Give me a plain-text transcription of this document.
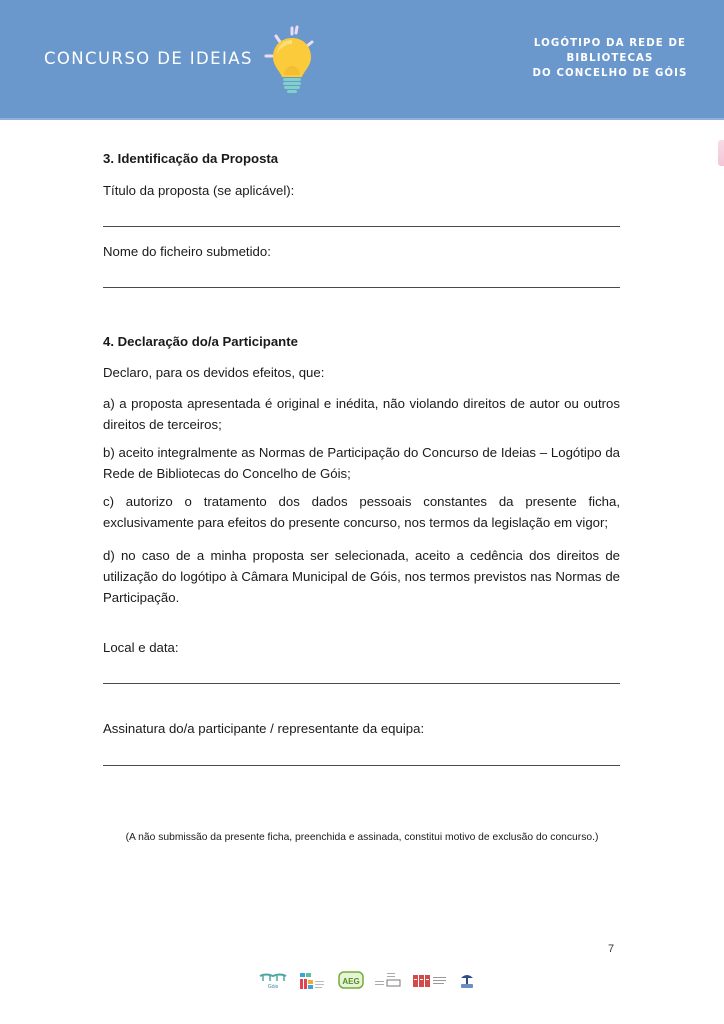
CONCURSO DE IDEIAS
LOGÓTIPO DA REDE DE
BIBLIOTECAS
DO CONCELHO DE GÓIS
3. Identificação da Proposta
Título da proposta (se aplicável):
Nome do ficheiro submetido:
4. Declaração do/a Participante
Declaro, para os devidos efeitos, que:
a) a proposta apresentada é original e inédita, não violando direitos de autor ou outros direitos de terceiros;
b) aceito integralmente as Normas de Participação do Concurso de Ideias – Logótipo da Rede de Bibliotecas do Concelho de Góis;
c) autorizo o tratamento dos dados pessoais constantes da presente ficha, exclusivamente para efeitos do presente concurso, nos termos da legislação em vigor;
d) no caso de a minha proposta ser selecionada, aceito a cedência dos direitos de utilização do logótipo à Câmara Municipal de Góis, nos termos previstos nas Normas de Participação.
Local e data:
Assinatura do/a participante / representante da equipa:
(A não submissão da presente ficha, preenchida e assinada, constitui motivo de exclusão do concurso.)
7
Góis
AEG
